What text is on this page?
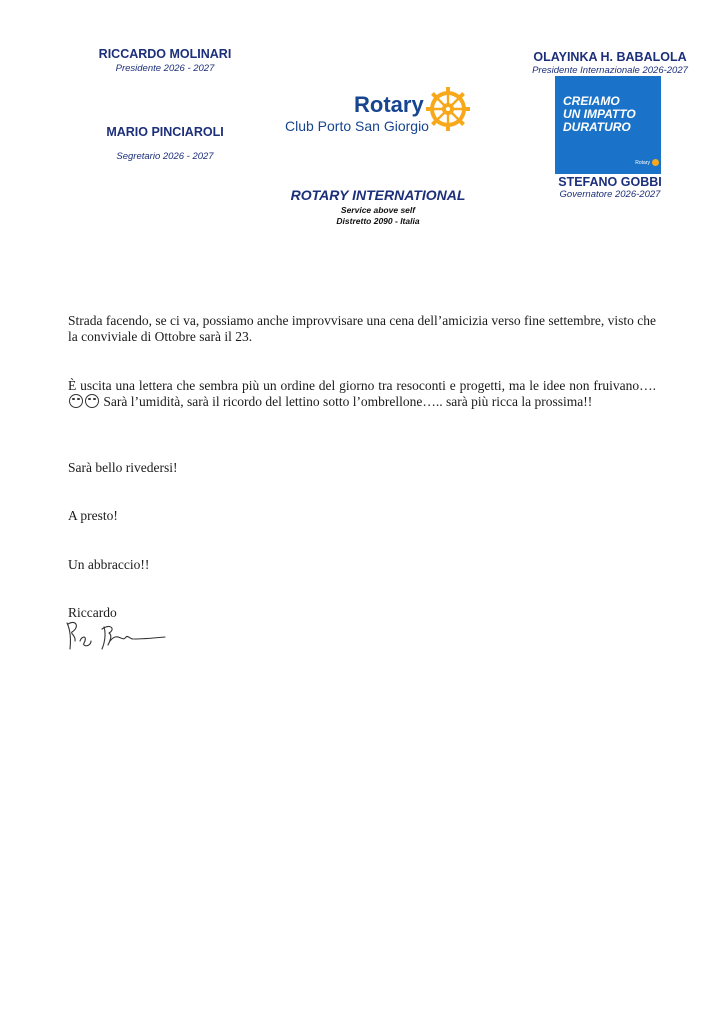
RICCARDO MOLINARI
Presidente 2026 - 2027
MARIO PINCIAROLI
Segretario 2026 - 2027
Rotary
Club Porto San Giorgio
OLAYINKA H. BABALOLA
Presidente Internazionale 2026-2027
CREIAMO
UN IMPATTO
DURATURO
Rotary
STEFANO GOBBI
Governatore 2026-2027
ROTARY INTERNATIONAL
Service above self
Distretto 2090 - Italia

Strada facendo, se ci va, possiamo anche improvvisare una cena dell’amicizia verso fine settembre, visto che la conviviale di Ottobre sarà il 23.

È uscita una lettera che sembra più un ordine del giorno tra resoconti e progetti, ma le idee non fruivano….  Sarà l’umidità, sarà il ricordo del lettino sotto l’ombrellone….. sarà più ricca la prossima!!

Sarà bello rivedersi!

A presto!

Un abbraccio!!

Riccardo
